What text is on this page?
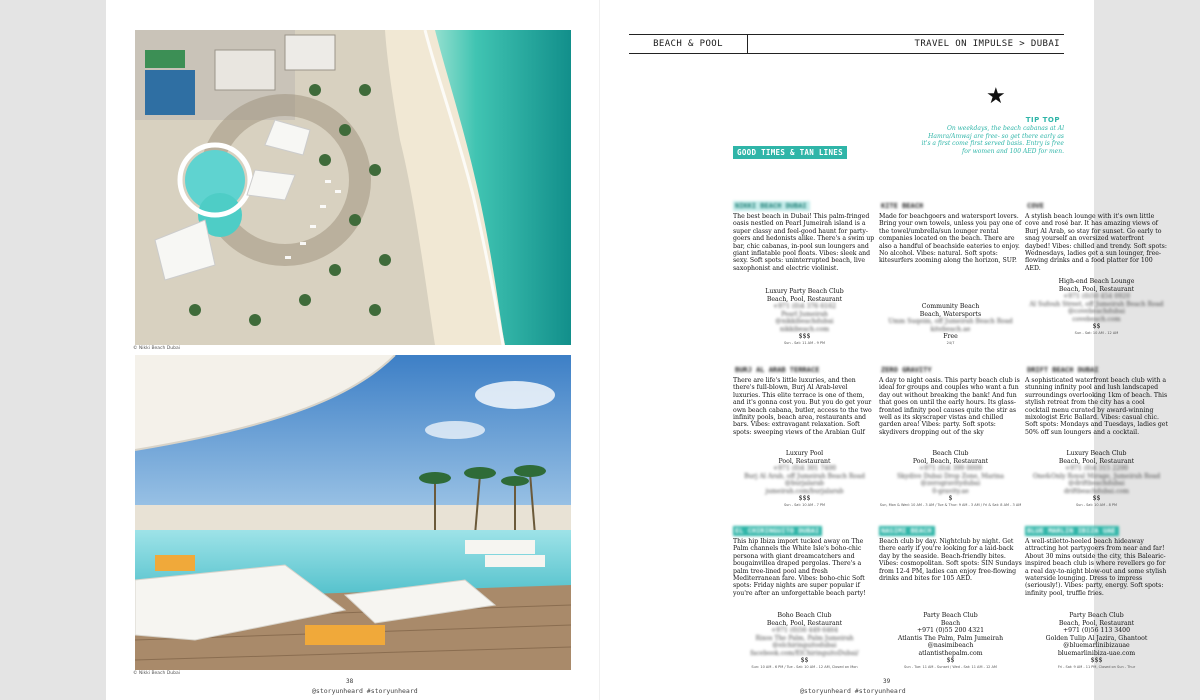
© Nikki Beach Dubai
© Nikki Beach Dubai
38
@storyunheard #storyunheard
BEACH & POOL	TRAVEL ON IMPULSE > DUBAI
★
TIP TOP
On weekdays, the beach cabanas at Al Hamra/Amwaj are free- so get there early as it's a first come first served basis. Entry is free for women and 100 AED for men.
GOOD TIMES & TAN LINES
NIKKI BEACH DUBAI
The best beach in Dubai! This palm-fringed oasis nestled on Pearl Jumeirah island is a super classy and feel-good haunt for party-goers and hedonists alike. There's a swim up bar, chic cabanas, in-pool sun loungers and giant inflatable pool floats. Vibes: sleek and sexy. Soft spots: uninterrupted beach, live saxophonist and electric violinist.
Luxury Party Beach Club
Beach, Pool, Restaurant
+971 (0)4 376 6162
Pearl Jumeirah
@nikkibeachdubai
nikkibeach.com
$$$
Sun - Sat: 11 AM - 9 PM
KITE BEACH
Made for beachgoers and watersport lovers. Bring your own towels, unless you pay one of the towel/umbrella/sun lounger rental companies located on the beach. There are also a handful of beachside eateries to enjoy. No alcohol. Vibes: natural. Soft spots: kitesurfers zooming along the horizon, SUP.
Community Beach
Beach, Watersports
Umm Suqeim, off Jumeirah Beach Road
kitebeach.ae
Free
24/7
COVE
A stylish beach lounge with it's own little cove and rosé bar. It has amazing views of Burj Al Arab, so stay for sunset. Go early to snag yourself an oversized waterfront daybed! Vibes: chilled and trendy. Soft spots: Wednesdays, ladies get a sun lounger, free-flowing drinks and a food platter for 100 AED.
High-end Beach Lounge
Beach, Pool, Restaurant
+971 (0)50 454 0920
Al Sufouh Street, off Jumeirah Beach Road
@covebeachdubai
covebeach.com
$$
Sun - Sat: 10 AM - 12 AM
BURJ AL ARAB TERRACE
There are life's little luxuries, and then there's full-blown, Burj Al Arab-level luxuries. This elite terrace is one of them, and it's gonna cost you. But you do get your own beach cabana, butler, access to the two infinity pools, beach area, restaurants and bars. Vibes: extravagant relaxation. Soft spots: sweeping views of the Arabian Gulf
Luxury Pool
Pool, Restaurant
+971 (0)4 301 7400
Burj Al Arab, off Jumeirah Beach Road
@burjalarab
jumeirah.com/burjalarab
$$$
Sun - Sat: 10 AM - 7 PM
ZERO GRAVITY
A day to night oasis. This party beach club is ideal for groups and couples who want a fun day out without breaking the bank! And fun that goes on until the early hours. Its glass-fronted infinity pool causes quite the stir as well as its skyscraper vistas and chilled garden area! Vibes: party. Soft spots: skydivers dropping out of the sky
Beach Club
Pool, Beach, Restaurant
+971 (0)4 399 0009
Skydive Dubai Drop Zone, Marina
@zerogravitydubai
0-gravity.ae
$
Sun, Mon & Wed: 10 AM - 3 AM / Tue & Thur: 9 AM - 3 AM / Fri & Sat: 8 AM - 3 AM
DRIFT BEACH DUBAI
A sophisticated waterfront beach club with a stunning infinity pool and lush landscaped surroundings overlooking 1km of beach. This stylish retreat from the city has a cool cocktail menu curated by award-winning mixologist Eric Ballard. Vibes: casual chic. Soft spots: Mondays and Tuesdays, ladies get 50% off sun loungers and a cocktail.
Luxury Beach Club
Beach, Pool, Restaurant
+971 (0)4 315 2200
One&Only Royal Mirage, Jumeirah Road
@driftbeachdubai
driftbeachdubai.com
$$
Sun - Sat: 10 AM - 8 PM
EL CHIRINGUITO DUBAI
This hip Ibiza import tucked away on The Palm channels the White Isle's boho-chic persona with giant dreamcatchers and bougainvillea draped pergolas. There's a palm tree-lined pool and fresh Mediterranean fare. Vibes: boho-chic Soft spots: Friday nights are super popular if you're after an unforgettable beach party!
Boho Beach Club
Beach, Pool, Restaurant
+971 (0)56 449 6464
Rixos The Palm, Palm Jumeirah
@elchiringuitodubai
facebook.com/ElChiringuitoDubai/
$$
Sun: 10 AM - 6 PM / Tue - Sat: 10 AM - 12 AM, Closed on Mon
NASIMI BEACH
Beach club by day. Nightclub by night. Get there early if you're looking for a laid-back day by the seaside. Beach-friendly bites. Vibes: cosmopolitan. Soft spots: SIN Sundays from 12-4 PM, ladies can enjoy free-flowing drinks and bites for 105 AED.
Party Beach Club
Beach
+971 (0)55 200 4321
Atlantis The Palm, Palm Jumeirah
@nasimibeach
atlantisthepalm.com
$$
Sun - Tue: 11 AM - Sunset / Wed - Sat: 11 AM - 12 AM
BLUE MARLIN IBIZA UAE
A well-stiletto-heeled beach hideaway attracting hot partygoers from near and far! About 30 mins outside the city, this Balearic-inspired beach club is where revellers go for a real day-to-night blow-out and some stylish waterside lounging. Dress to impress (seriously!). Vibes: party, energy. Soft spots: infinity pool, truffle fries.
Party Beach Club
Beach, Pool, Restaurant
+971 (0)56 113 3400
Golden Tulip Al Jazira, Ghantoot
@bluemarlinibizauae
bluemarlinibiza-uae.com
$$$
Fri - Sat: 9 AM - 11 PM, Closed on Sun - Thur
39
@storyunheard #storyunheard
